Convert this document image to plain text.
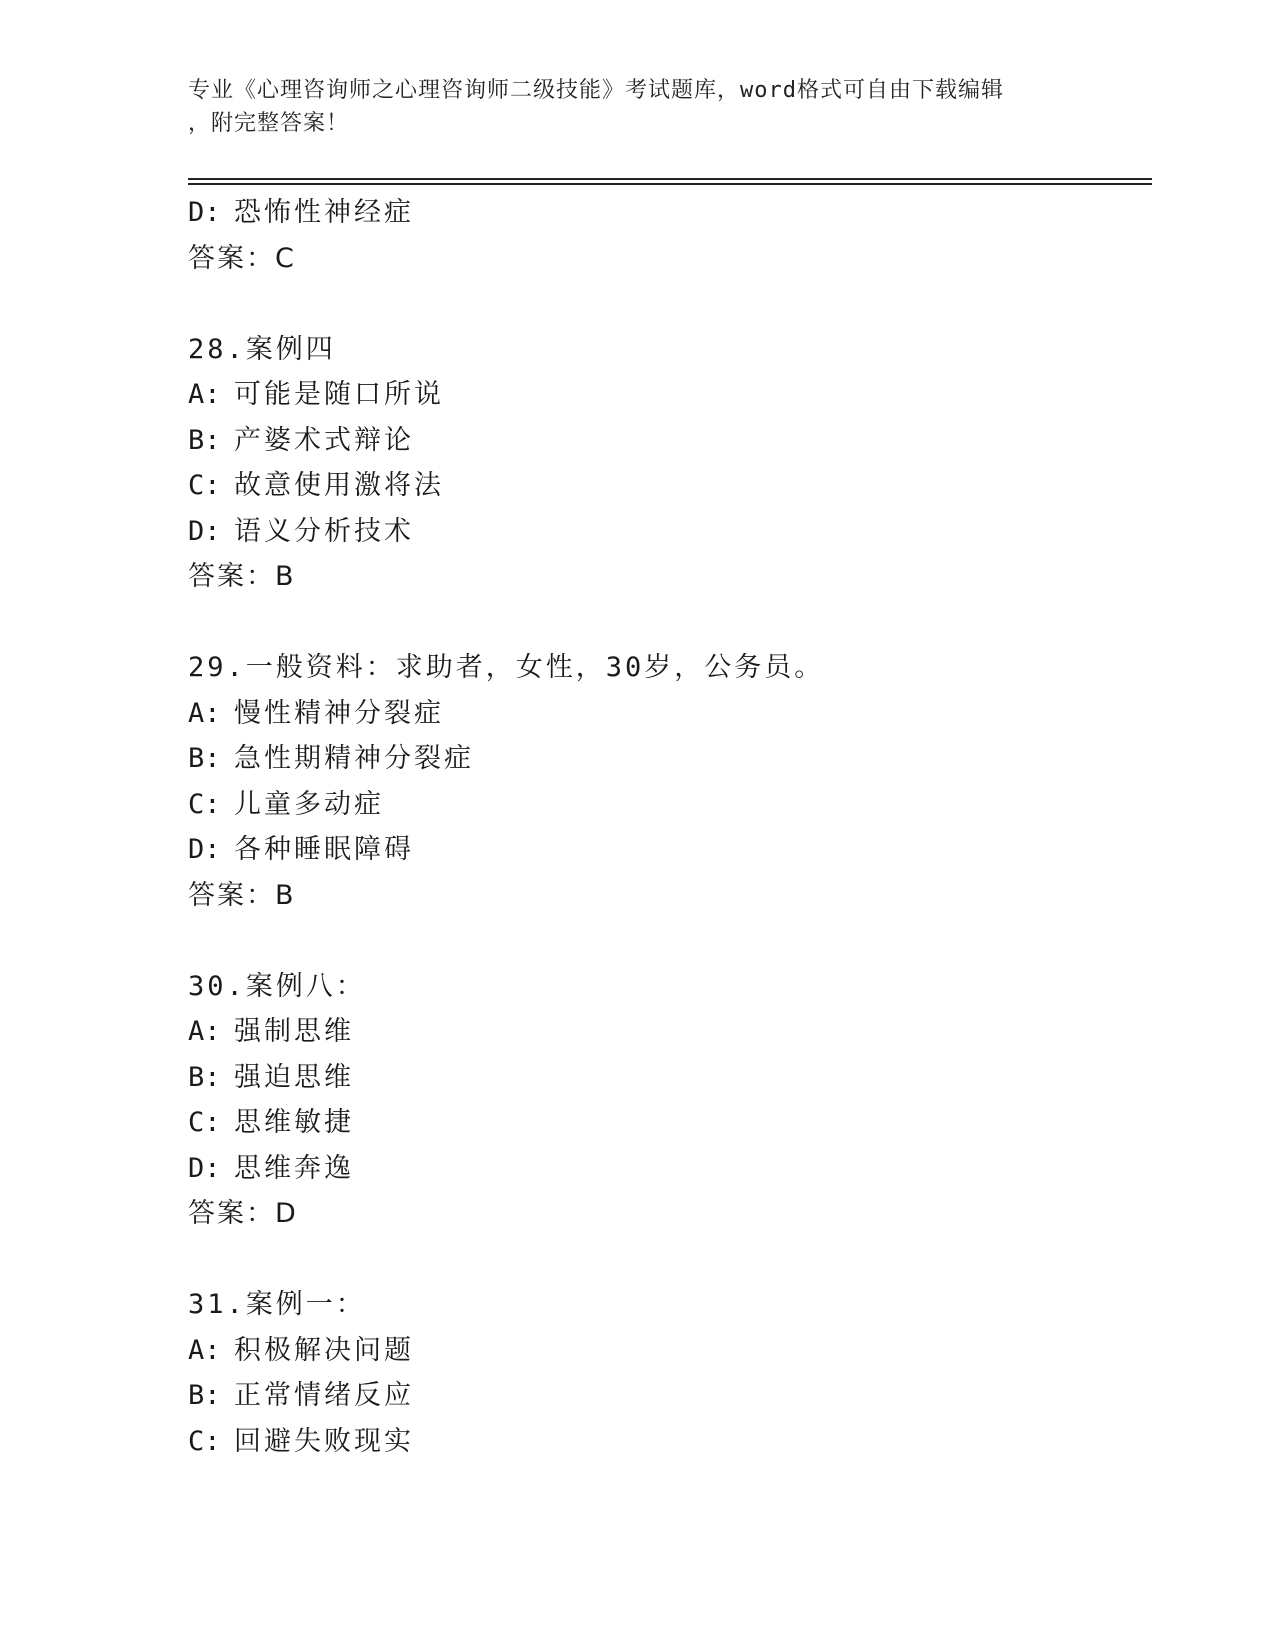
专业《心理咨询师之心理咨询师二级技能》考试题库，word格式可自由下载编辑
，附完整答案！
D: 恐怖性神经症
答案：C
28.案例四
A: 可能是随口所说
B: 产婆术式辩论
C: 故意使用激将法
D: 语义分析技术
答案：B
29.一般资料：求助者，女性，30岁，公务员。
A: 慢性精神分裂症
B: 急性期精神分裂症
C: 儿童多动症
D: 各种睡眠障碍
答案：B
30.案例八：
A: 强制思维
B: 强迫思维
C: 思维敏捷
D: 思维奔逸
答案：D
31.案例一：
A: 积极解决问题
B: 正常情绪反应
C: 回避失败现实
